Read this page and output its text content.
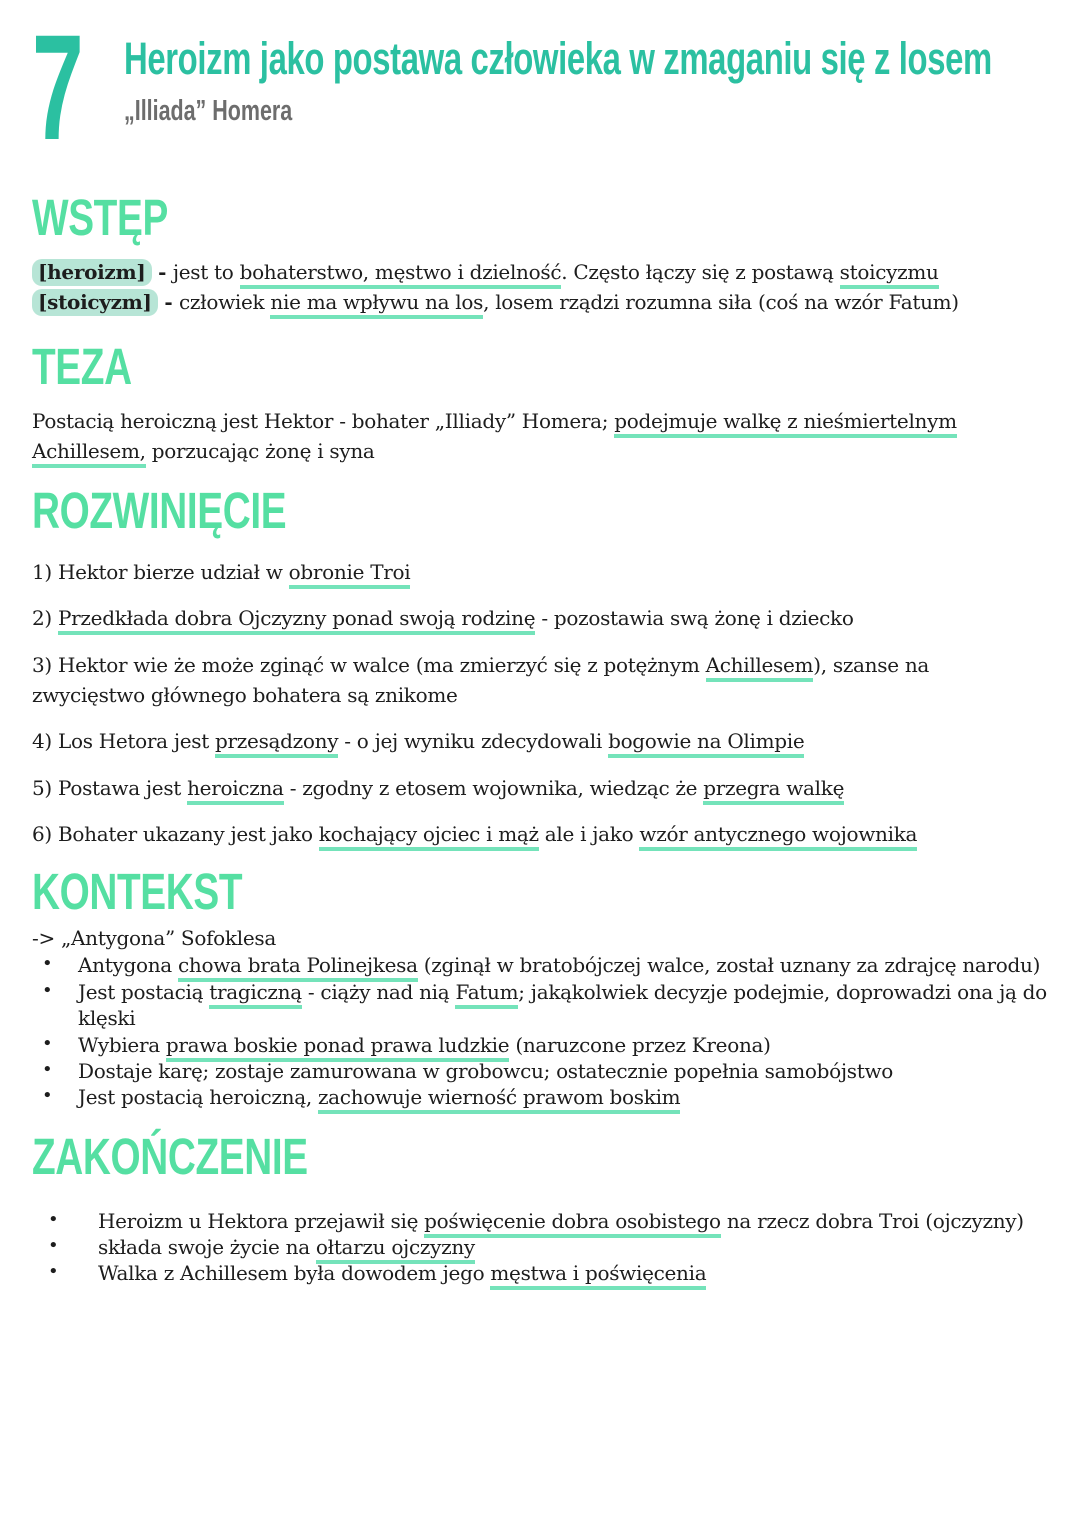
7 Heroizm jako postawa człowieka w zmaganiu się z losem
„Illiada” Homera
WSTĘP
[heroizm] - jest to bohaterstwo, męstwo i dzielność. Często łączy się z postawą stoicyzmu
[stoicyzm] - człowiek nie ma wpływu na los, losem rządzi rozumna siła (coś na wzór Fatum)
TEZA

Postacią heroiczną jest Hektor - bohater „Illiady” Homera; podejmuje walkę z nieśmiertelnym Achillesem, porzucając żonę i syna

ROZWINIĘCIE
1) Hektor bierze udział w obronie Troi
2) Przedkłada dobra Ojczyzny ponad swoją rodzinę - pozostawia swą żonę i dziecko
3) Hektor wie że może zginąć w walce (ma zmierzyć się z potężnym Achillesem), szanse na zwycięstwo głównego bohatera są znikome
4) Los Hetora jest przesądzony - o jej wyniku zdecydowali bogowie na Olimpie
5) Postawa jest heroiczna - zgodny z etosem wojownika, wiedząc że przegra walkę
6) Bohater ukazany jest jako kochający ojciec i mąż ale i jako wzór antycznego wojownika
KONTEKST

-> „Antygona” Sofoklesa

•	Antygona chowa brata Polinejkesa (zginął w bratobójczej walce, został uznany za zdrajcę narodu)
•	Jest postacią tragiczną - ciąży nad nią Fatum; jakąkolwiek decyzje podejmie, doprowadzi ona ją do klęski
•	Wybiera prawa boskie ponad prawa ludzkie (naruzcone przez Kreona)
•	Dostaje karę; zostaje zamurowana w grobowcu; ostatecznie popełnia samobójstwo
•	Jest postacią heroiczną, zachowuje wierność prawom boskim
ZAKOŃCZENIE
•	Heroizm u Hektora przejawił się poświęcenie dobra osobistego na rzecz dobra Troi (ojczyzny)
•	składa swoje życie na ołtarzu ojczyzny
•	Walka z Achillesem była dowodem jego męstwa i poświęcenia
